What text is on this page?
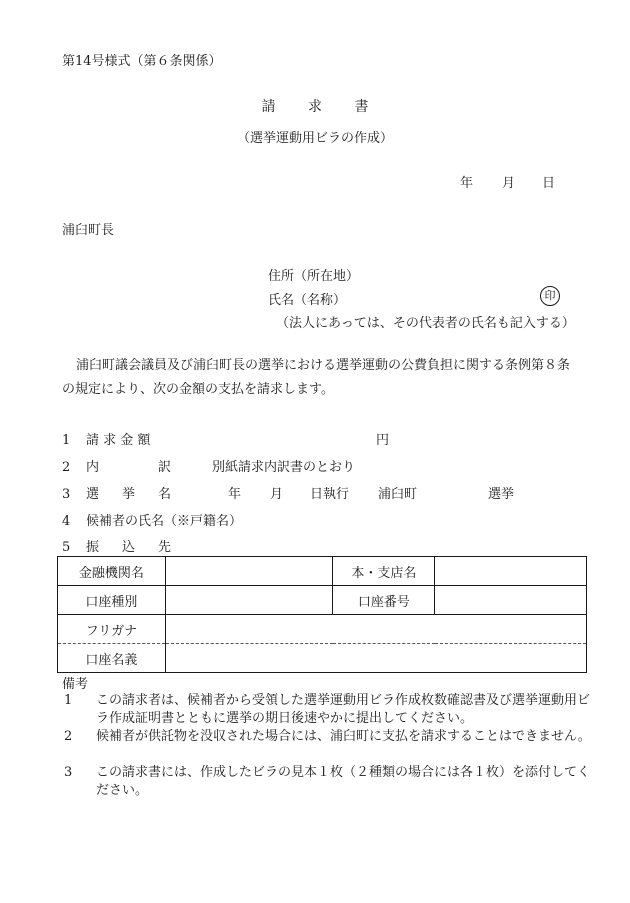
第14号様式（第６条関係）
請 求 書
（選挙運動用ビラの作成）
年 月 日
浦臼町長
住所（所在地）
氏名（名称）	印
（法人にあっては、その代表者の氏名も記入する）
浦臼町議会議員及び浦臼町長の選挙における選挙運動の公費負担に関する条例第８条の規定により、次の金額の支払を請求します。
1 請 求 金 額	円
2 内	訳	別紙請求内訳書のとおり
3 選 挙 名	年 月 日執行 浦臼町	選挙
4 候補者の氏名（※戸籍名）
5 振 込 先
金融機関名		本・支店名	
口座種別		口座番号	
フリガナ			
口座名義			
備考
1 この請求者は、候補者から受領した選挙運動用ビラ作成枚数確認書及び選挙運動用ビラ作成証明書とともに選挙の期日後速やかに提出してください。
2 候補者が供託物を没収された場合には、浦臼町に支払を請求することはできません。
3 この請求書には、作成したビラの見本１枚（２種類の場合には各１枚）を添付してください。
